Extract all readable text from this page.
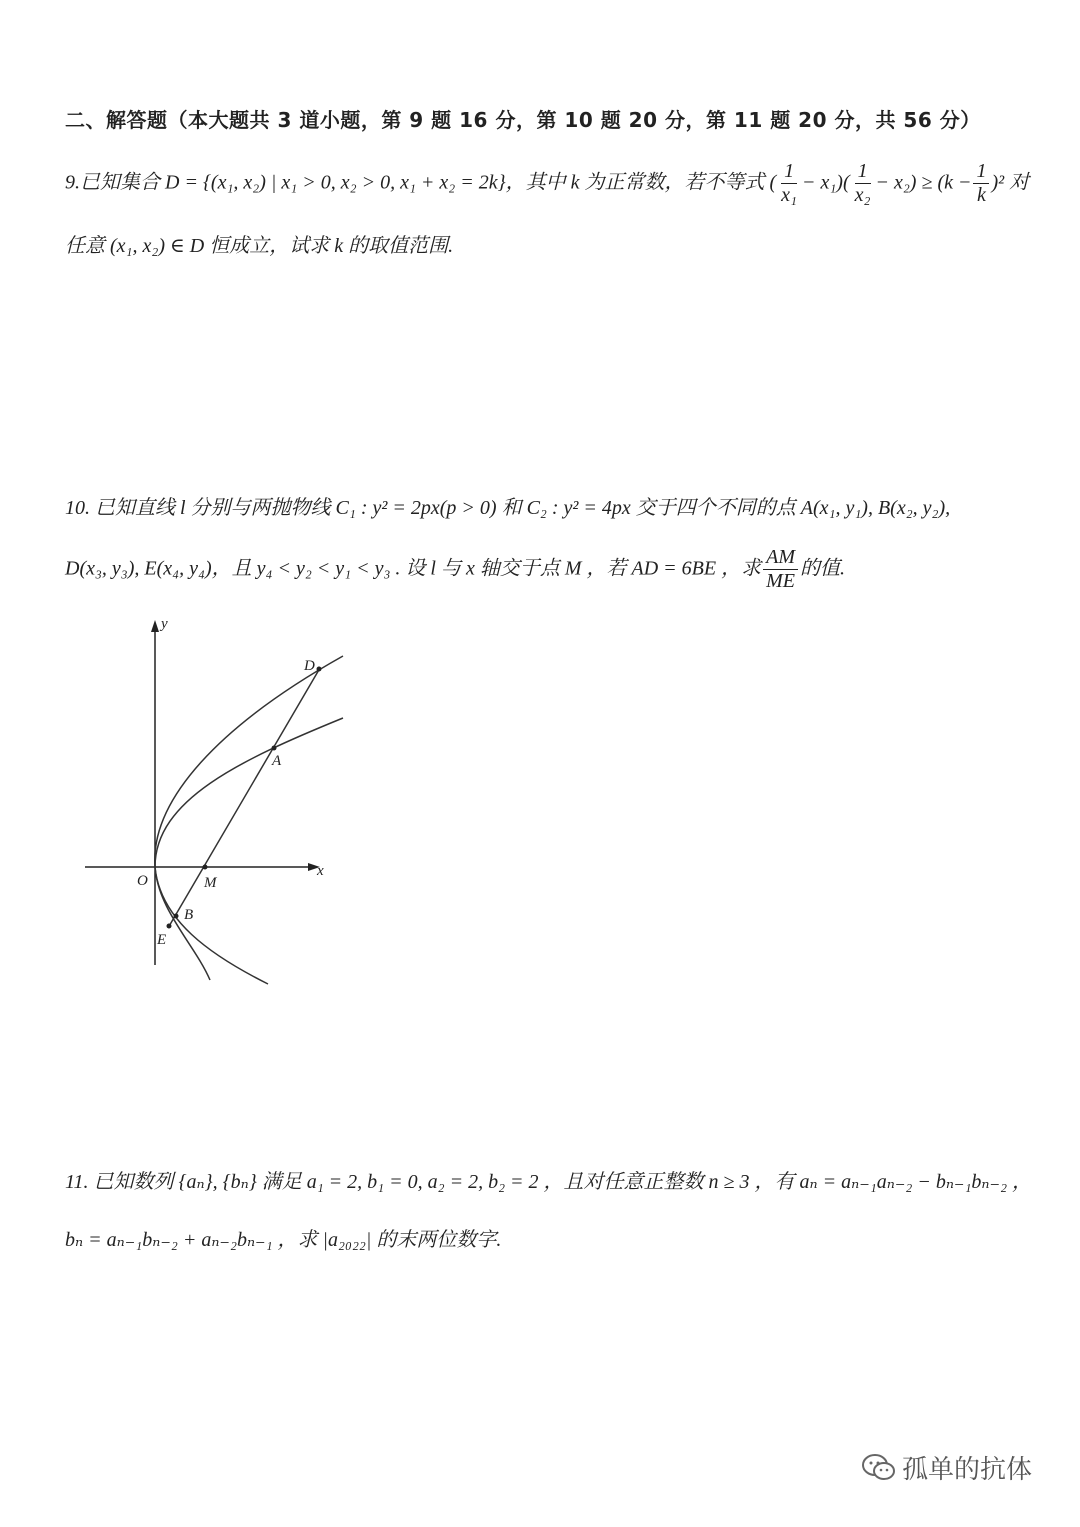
二、解答题（本大题共 3 道小题，第 9 题 16 分，第 10 题 20 分，第 11 题 20 分，共 56 分）
9.已知集合 D = {(x₁, x₂) | x₁ > 0, x₂ > 0, x₁ + x₂ = 2k}，其中 k 为正常数，若不等式 ( $\frac{1}{\text{x₁}} - x_1)( \frac{1}{\text{x₂}} - x_2) \ge (k - \frac{1}{k} )^2$ 对
任意 (x₁, x₂) ∈ D 恒成立，试求 k 的取值范围.
10. 已知直线 l 分别与两抛物线 C₁ : y² = 2px(p > 0) 和 C₂ : y² = 4px 交于四个不同的点 A(x₁, y₁), B(x₂, y₂),
D(x₃, y₃), E(x₄, y₄)，且 y₄ < y₂ < y₁ < y₃ . 设 l 与 x 轴交于点 M ，若 AD = 6BE ，求 $\frac{AM}{ME}$ 的值.
y
x
O
D
A
M
B
E
11. 已知数列 {aₙ}, {bₙ} 满足 a₁ = 2, b₁ = 0, a₂ = 2, b₂ = 2 ，且对任意正整数 n ≥ 3 ，有 aₙ = aₙ₋₁aₙ₋₂ − bₙ₋₁bₙ₋₂ ，
bₙ = aₙ₋₁bₙ₋₂ + aₙ₋₂bₙ₋₁ ，求 |a₂₀₂₂| 的末两位数字.
孤单的抗体
